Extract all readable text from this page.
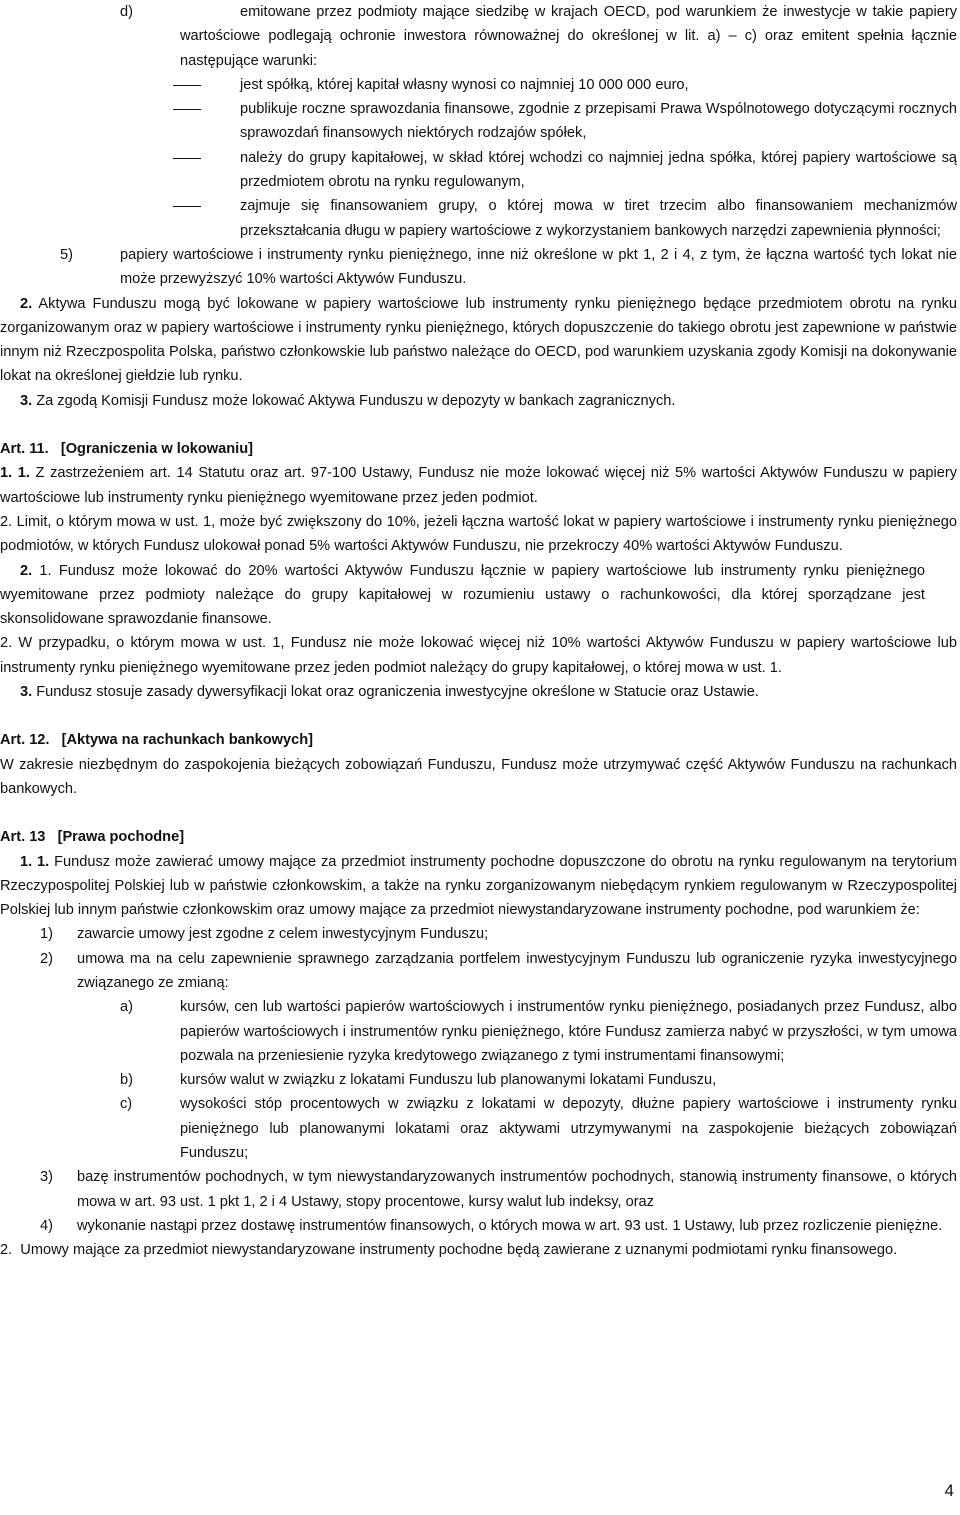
d)	emitowane przez podmioty mające siedzibę w krajach OECD, pod warunkiem że inwestycje w takie papiery wartościowe podlegają ochronie inwestora równoważnej do określonej w lit. a) – c) oraz emitent spełnia łącznie następujące warunki:
jest spółką, której kapitał własny wynosi co najmniej 10 000 000 euro,
publikuje roczne sprawozdania finansowe, zgodnie z przepisami Prawa Wspólnotowego dotyczącymi rocznych sprawozdań finansowych niektórych rodzajów spółek,
należy do grupy kapitałowej, w skład której wchodzi co najmniej jedna spółka, której papiery wartościowe są przedmiotem obrotu na rynku regulowanym,
zajmuje się finansowaniem grupy, o której mowa w tiret trzecim albo finansowaniem mechanizmów przekształcania długu w papiery wartościowe z wykorzystaniem bankowych narzędzi zapewnienia płynności;
5)	papiery wartościowe i instrumenty rynku pieniężnego, inne niż określone w pkt 1, 2 i 4, z tym, że łączna wartość tych lokat nie może przewyższyć 10% wartości Aktywów Funduszu.
2. Aktywa Funduszu mogą być lokowane w papiery wartościowe lub instrumenty rynku pieniężnego będące przedmiotem obrotu na rynku zorganizowanym oraz w papiery wartościowe i instrumenty rynku pieniężnego, których dopuszczenie do takiego obrotu jest zapewnione w państwie innym niż Rzeczpospolita Polska, państwo członkowskie lub państwo należące do OECD, pod warunkiem uzyskania zgody Komisji na dokonywanie lokat na określonej giełdzie lub rynku.
3. Za zgodą Komisji Fundusz może lokować Aktywa Funduszu w depozyty w bankach zagranicznych.
Art. 11.   [Ograniczenia w lokowaniu]
1. 1. Z zastrzeżeniem art. 14 Statutu oraz art. 97-100 Ustawy, Fundusz nie może lokować więcej niż 5% wartości Aktywów Funduszu w papiery wartościowe lub instrumenty rynku pieniężnego wyemitowane przez jeden podmiot.
2. Limit, o którym mowa w ust. 1, może być zwiększony do 10%, jeżeli łączna wartość lokat w papiery wartościowe i instrumenty rynku pieniężnego podmiotów, w których Fundusz ulokował ponad 5% wartości Aktywów Funduszu, nie przekroczy 40% wartości Aktywów Funduszu.
2. 1. Fundusz może lokować do 20% wartości Aktywów Funduszu łącznie w papiery wartościowe lub instrumenty rynku pieniężnego wyemitowane przez podmioty należące do grupy kapitałowej w rozumieniu ustawy o rachunkowości, dla której sporządzane jest skonsolidowane sprawozdanie finansowe.
2. W przypadku, o którym mowa w ust. 1, Fundusz nie może lokować więcej niż 10% wartości Aktywów Funduszu w papiery wartościowe lub instrumenty rynku pieniężnego wyemitowane przez jeden podmiot należący do grupy kapitałowej, o której mowa w ust. 1.
3. Fundusz stosuje zasady dywersyfikacji lokat oraz ograniczenia inwestycyjne określone w Statucie oraz Ustawie.
Art. 12.   [Aktywa na rachunkach bankowych]
W zakresie niezbędnym do zaspokojenia bieżących zobowiązań Funduszu, Fundusz może utrzymywać część Aktywów Funduszu na rachunkach bankowych.
Art. 13   [Prawa pochodne]
1. 1. Fundusz może zawierać umowy mające za przedmiot instrumenty pochodne dopuszczone do obrotu na rynku regulowanym na terytorium Rzeczypospolitej Polskiej lub w państwie członkowskim, a także na rynku zorganizowanym niebędącym rynkiem regulowanym w Rzeczypospolitej Polskiej lub innym państwie członkowskim oraz umowy mające za przedmiot niewystandaryzowane instrumenty pochodne, pod warunkiem że:
1) zawarcie umowy jest zgodne z celem inwestycyjnym Funduszu;
2) umowa ma na celu zapewnienie sprawnego zarządzania portfelem inwestycyjnym Funduszu lub ograniczenie ryzyka inwestycyjnego związanego ze zmianą:
a)	kursów, cen lub wartości papierów wartościowych i instrumentów rynku pieniężnego, posiadanych przez Fundusz, albo papierów wartościowych i instrumentów rynku pieniężnego, które Fundusz zamierza nabyć w przyszłości, w tym umowa pozwala na przeniesienie ryzyka kredytowego związanego z tymi instrumentami finansowymi;
b)	kursów walut w związku z lokatami Funduszu lub planowanymi lokatami Funduszu,
c)	wysokości stóp procentowych w związku z lokatami w depozyty, dłużne papiery wartościowe i instrumenty rynku pieniężnego lub planowanymi lokatami oraz aktywami utrzymywanymi na zaspokojenie bieżących zobowiązań Funduszu;
3) bazę instrumentów pochodnych, w tym niewystandaryzowanych instrumentów pochodnych, stanowią instrumenty finansowe, o których mowa w art. 93 ust. 1 pkt 1, 2 i 4 Ustawy, stopy procentowe, kursy walut lub indeksy, oraz
4) wykonanie nastąpi przez dostawę instrumentów finansowych, o których mowa w art. 93 ust. 1 Ustawy, lub przez rozliczenie pieniężne.
2.  Umowy mające za przedmiot niewystandaryzowane instrumenty pochodne będą zawierane z uznanymi podmiotami rynku finansowego.
4
